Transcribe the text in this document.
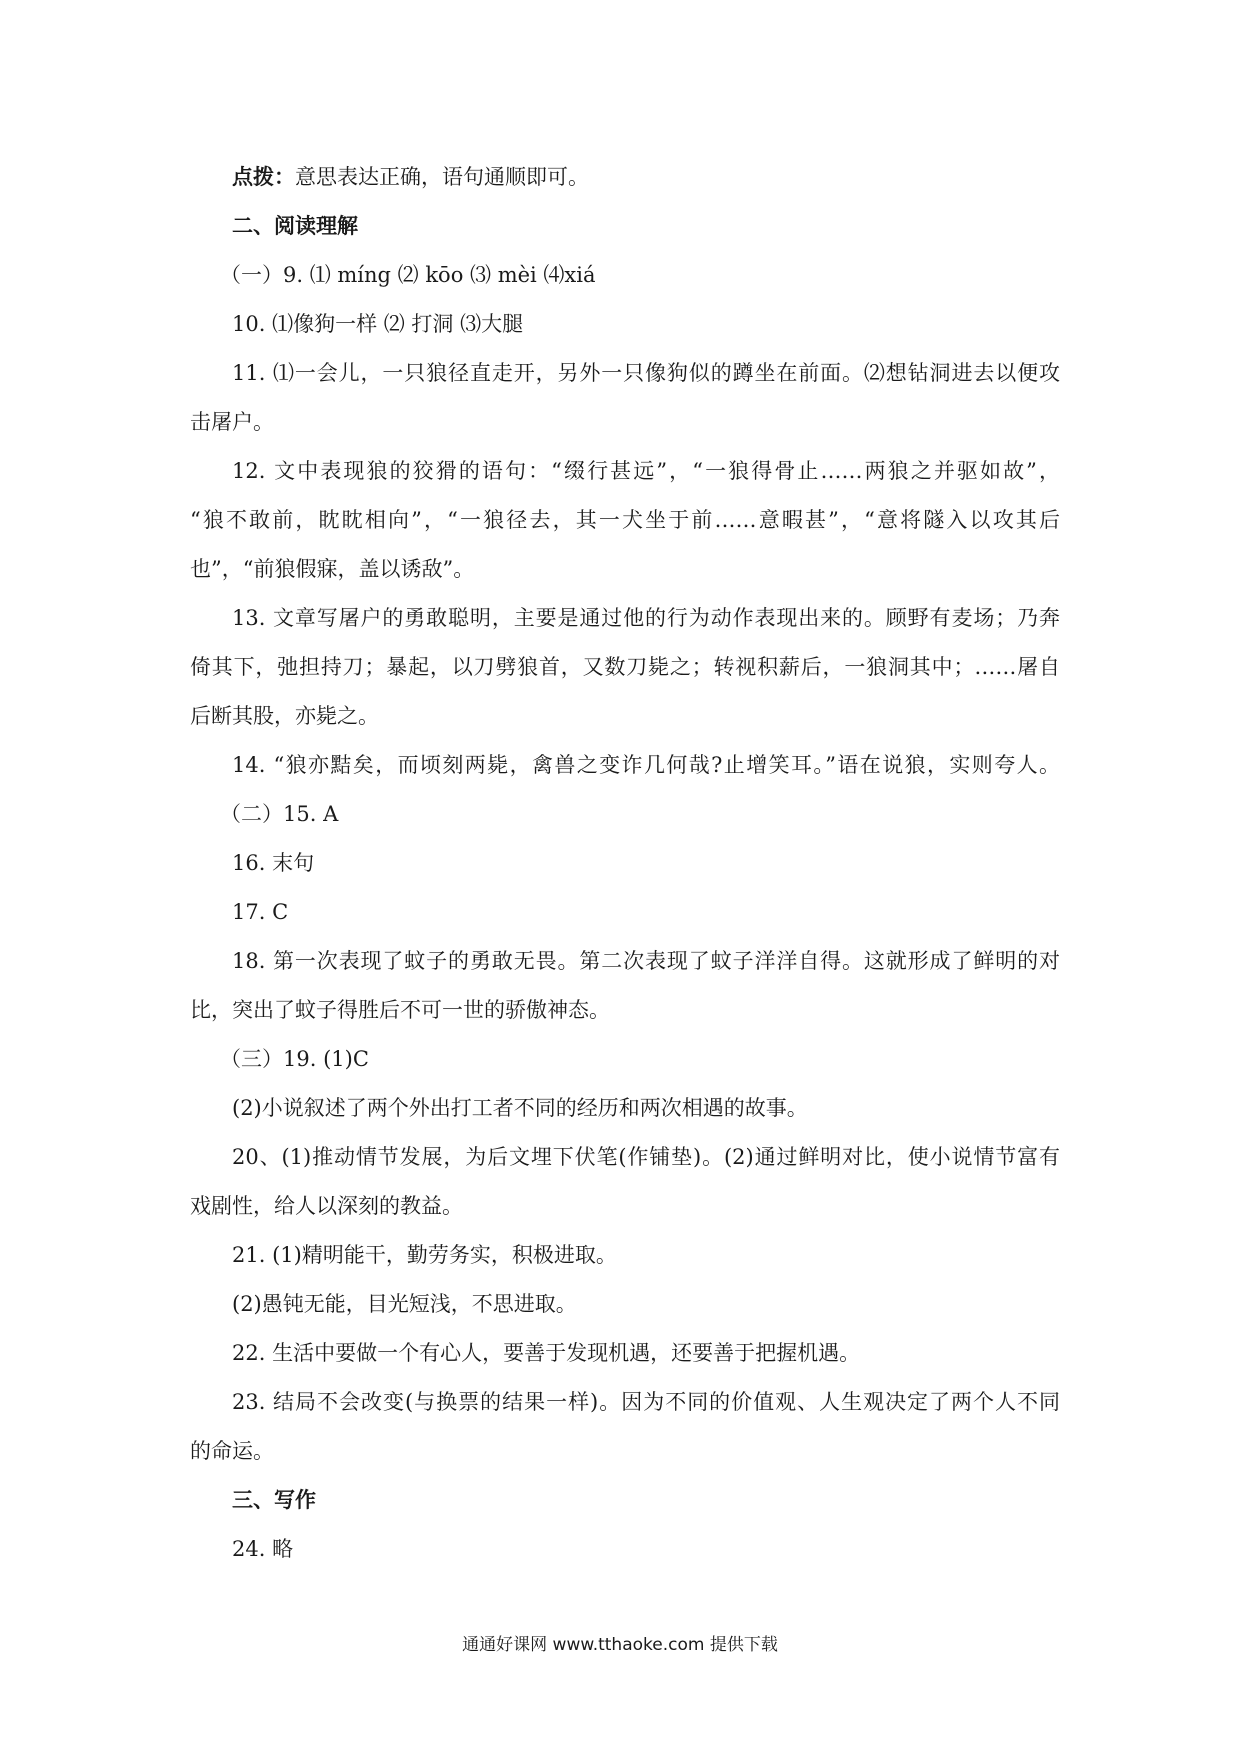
点拨：意思表达正确，语句通顺即可。
二、阅读理解
（一）9. ⑴ míng ⑵ kōo ⑶ mèi ⑷xiá
10. ⑴像狗一样 ⑵ 打洞 ⑶大腿
11. ⑴一会儿，一只狼径直走开，另外一只像狗似的蹲坐在前面。⑵想钻洞进去以便攻
击屠户。
12. 文中表现狼的狡猾的语句：“缀行甚远”，“一狼得骨止……两狼之并驱如故”，
“狼不敢前，眈眈相向”，“一狼径去，其一犬坐于前……意暇甚”，“意将隧入以攻其后
也”，“前狼假寐，盖以诱敌”。
13. 文章写屠户的勇敢聪明，主要是通过他的行为动作表现出来的。顾野有麦场；乃奔
倚其下，弛担持刀；暴起，以刀劈狼首，又数刀毙之；转视积薪后，一狼洞其中；……屠自
后断其股，亦毙之。
14. “狼亦黠矣，而顷刻两毙，禽兽之变诈几何哉?止增笑耳。”语在说狼，实则夸人。
（二）15. A
16. 末句
17. C
18. 第一次表现了蚊子的勇敢无畏。第二次表现了蚊子洋洋自得。这就形成了鲜明的对
比，突出了蚊子得胜后不可一世的骄傲神态。
（三）19. (1)C
(2)小说叙述了两个外出打工者不同的经历和两次相遇的故事。
20、(1)推动情节发展，为后文埋下伏笔(作铺垫)。(2)通过鲜明对比，使小说情节富有
戏剧性，给人以深刻的教益。
21. (1)精明能干，勤劳务实，积极进取。
(2)愚钝无能，目光短浅，不思进取。
22. 生活中要做一个有心人，要善于发现机遇，还要善于把握机遇。
23. 结局不会改变(与换票的结果一样)。因为不同的价值观、人生观决定了两个人不同
的命运。
三、写作
24. 略
通通好课网 www.tthaoke.com 提供下载
